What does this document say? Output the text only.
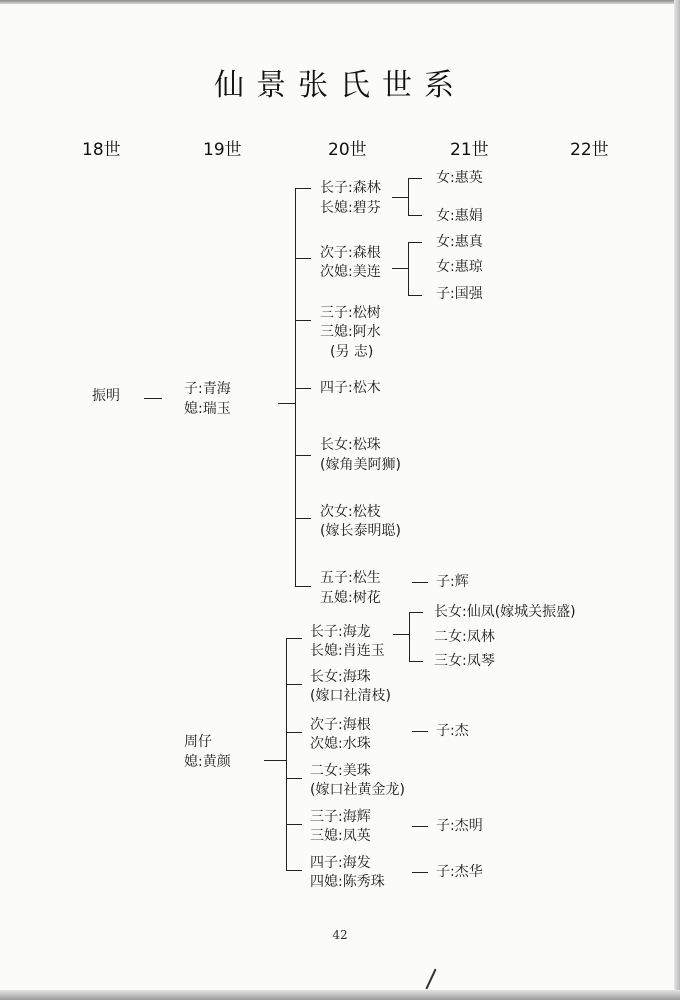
仙景张氏世系
18世	19世	20世	21世	22世
振明	子:青海
媳:瑞玉
周仔
媳:黄颜
长子:森林
长媳:碧芬
次子:森根
次媳:美连
三子:松树
三媳:阿水
(另 志)
四子:松木
长女:松珠
(嫁角美阿狮)
次女:松枝
(嫁长泰明聪)
五子:松生
五媳:树花
长子:海龙
长媳:肖连玉
长女:海珠
(嫁口社清枝)
次子:海根
次媳:水珠
二女:美珠
(嫁口社黄金龙)
三子:海辉
三媳:凤英
四子:海发
四媳:陈秀珠
女:惠英
女:惠娟
女:惠真
女:惠琼
子:国强
子:辉
长女:仙凤(嫁城关振盛)
二女:凤林
三女:凤琴
子:杰
子:杰明
子:杰华
42
